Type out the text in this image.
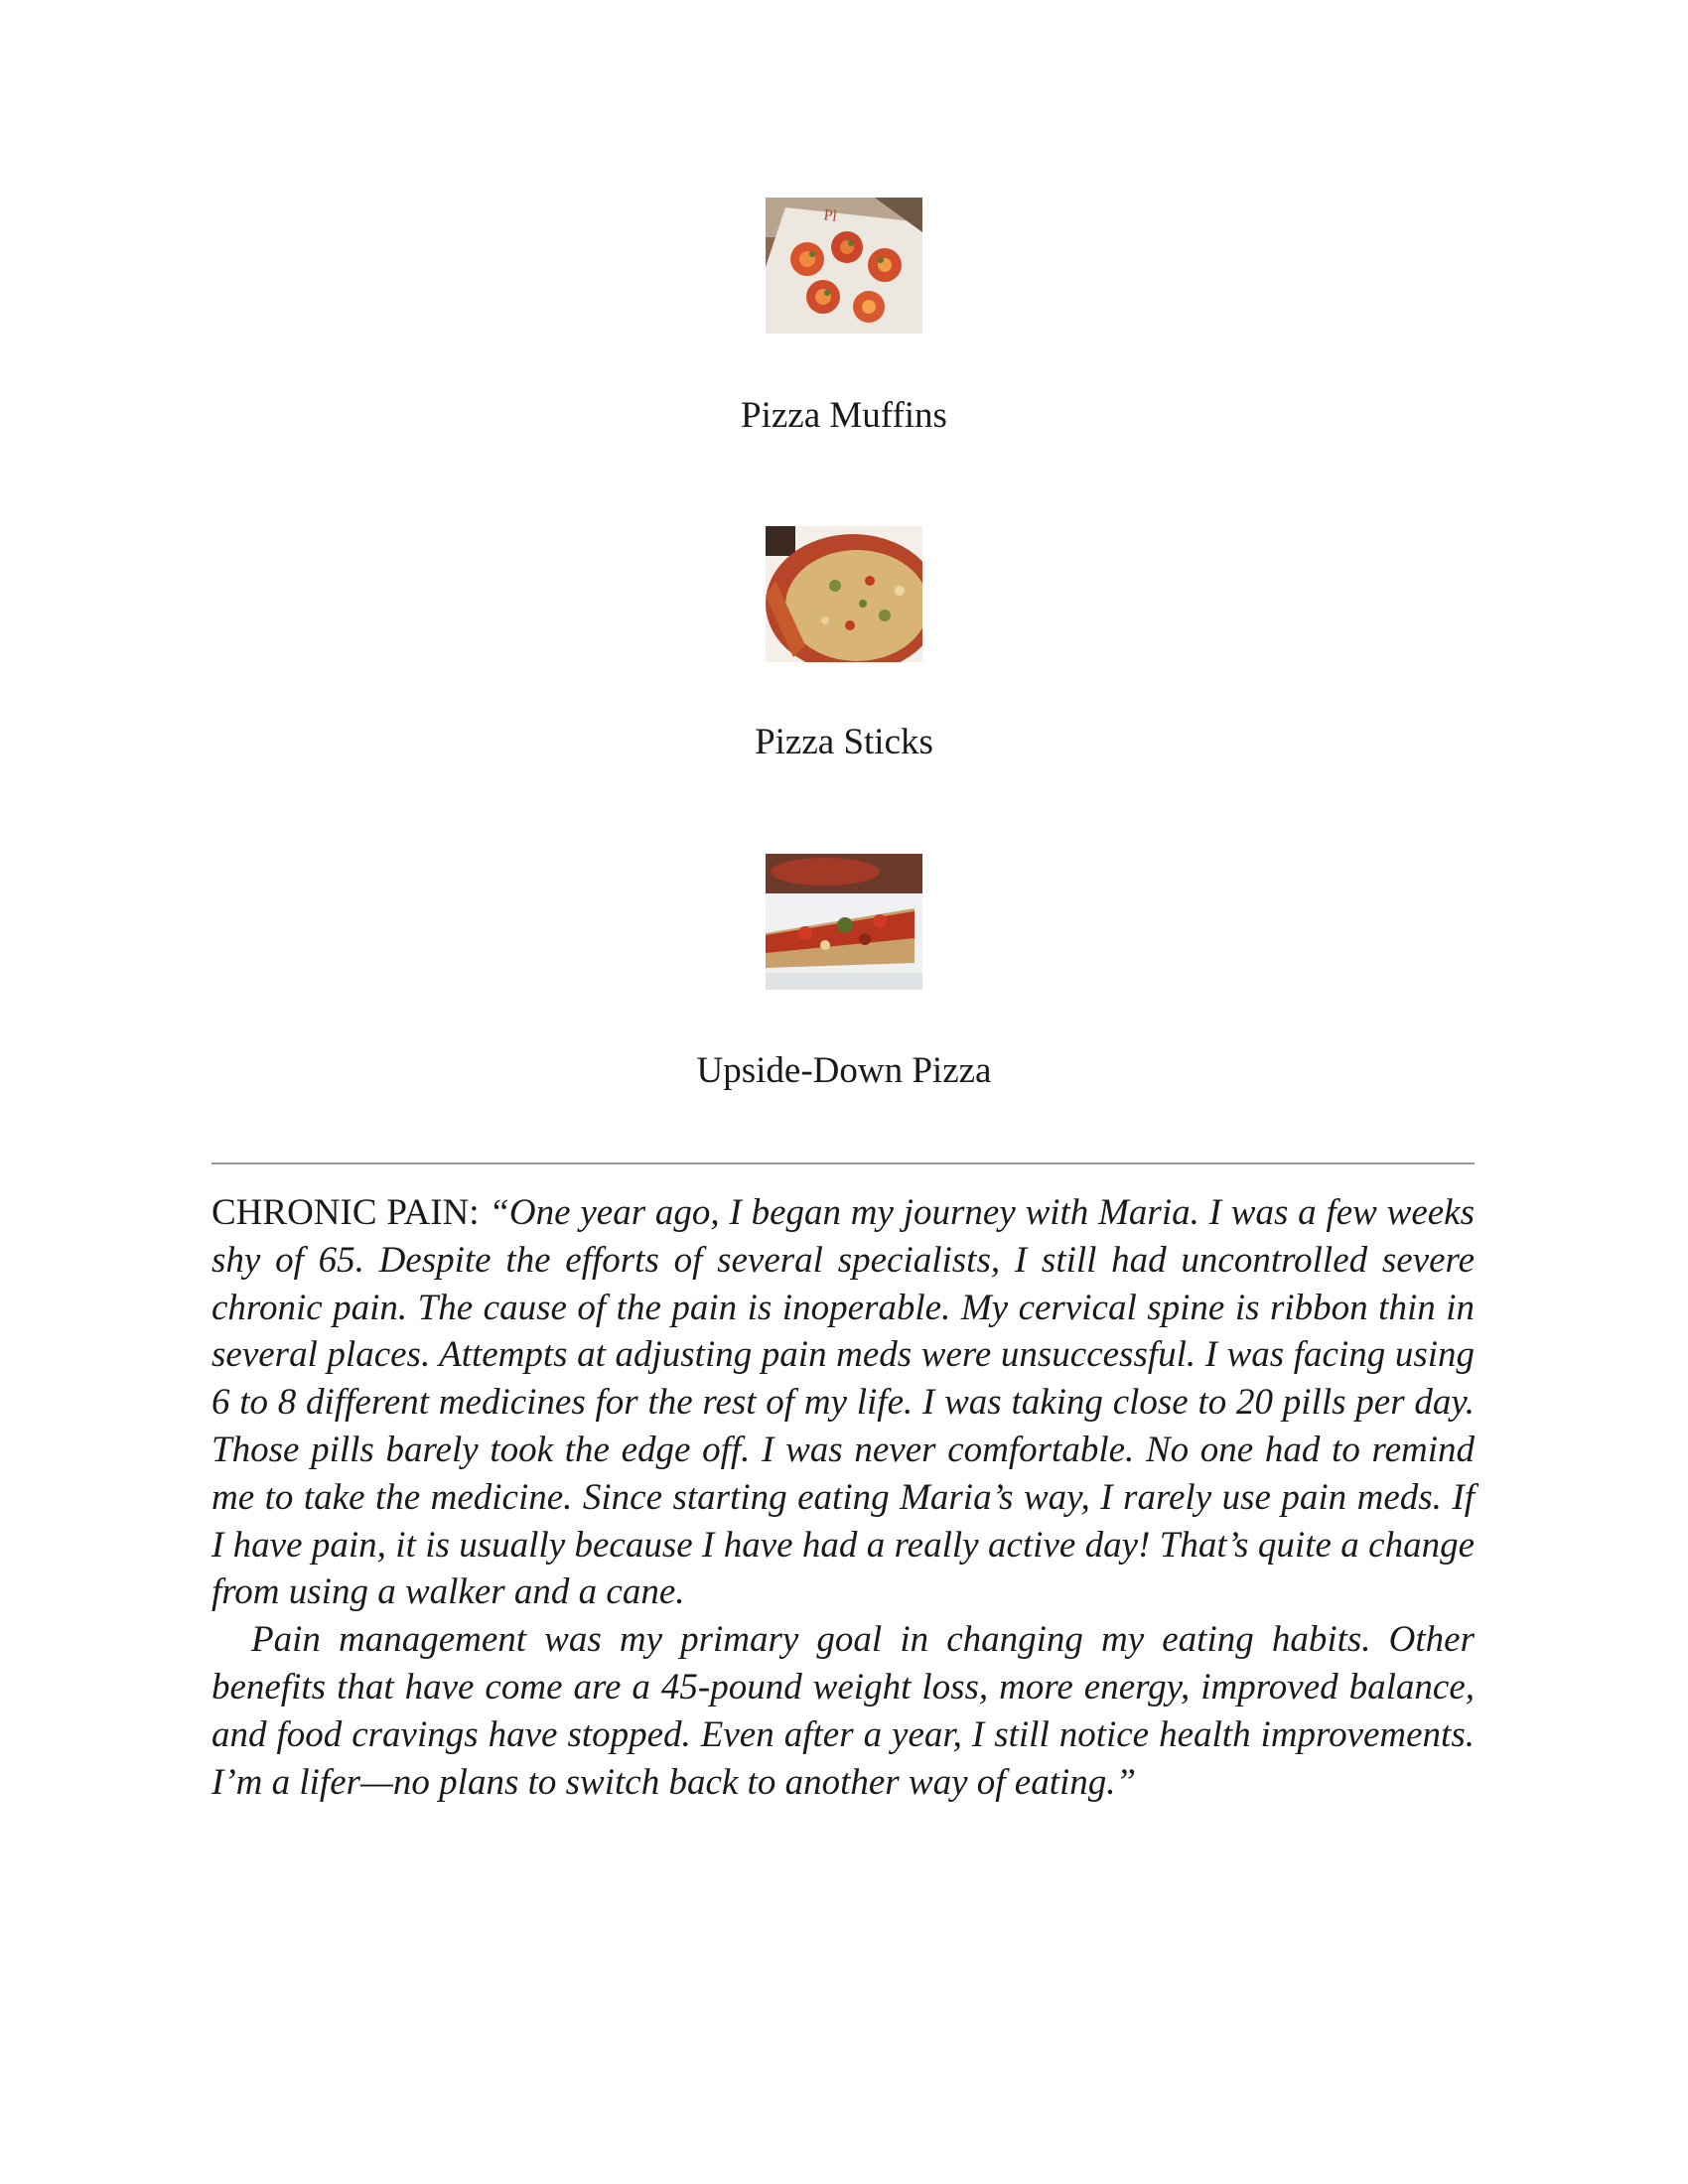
Pl
Pizza Muffins
Pizza Sticks
Upside-Down Pizza

CHRONIC PAIN: “One year ago, I began my journey with Maria. I was a few weeks shy of 65. Despite the efforts of several specialists, I still had uncontrolled severe chronic pain. The cause of the pain is inoperable. My cervical spine is ribbon thin in several places. Attempts at adjusting pain meds were unsuccessful. I was facing using 6 to 8 different medicines for the rest of my life. I was taking close to 20 pills per day. Those pills barely took the edge off. I was never comfortable. No one had to remind me to take the medicine. Since starting eating Maria’s way, I rarely use pain meds. If I have pain, it is usually because I have had a really active day! That’s quite a change from using a walker and a cane.

Pain management was my primary goal in changing my eating habits. Other benefits that have come are a 45-pound weight loss, more energy, improved balance, and food cravings have stopped. Even after a year, I still notice health improvements. I’m a lifer—no plans to switch back to another way of eating.”
